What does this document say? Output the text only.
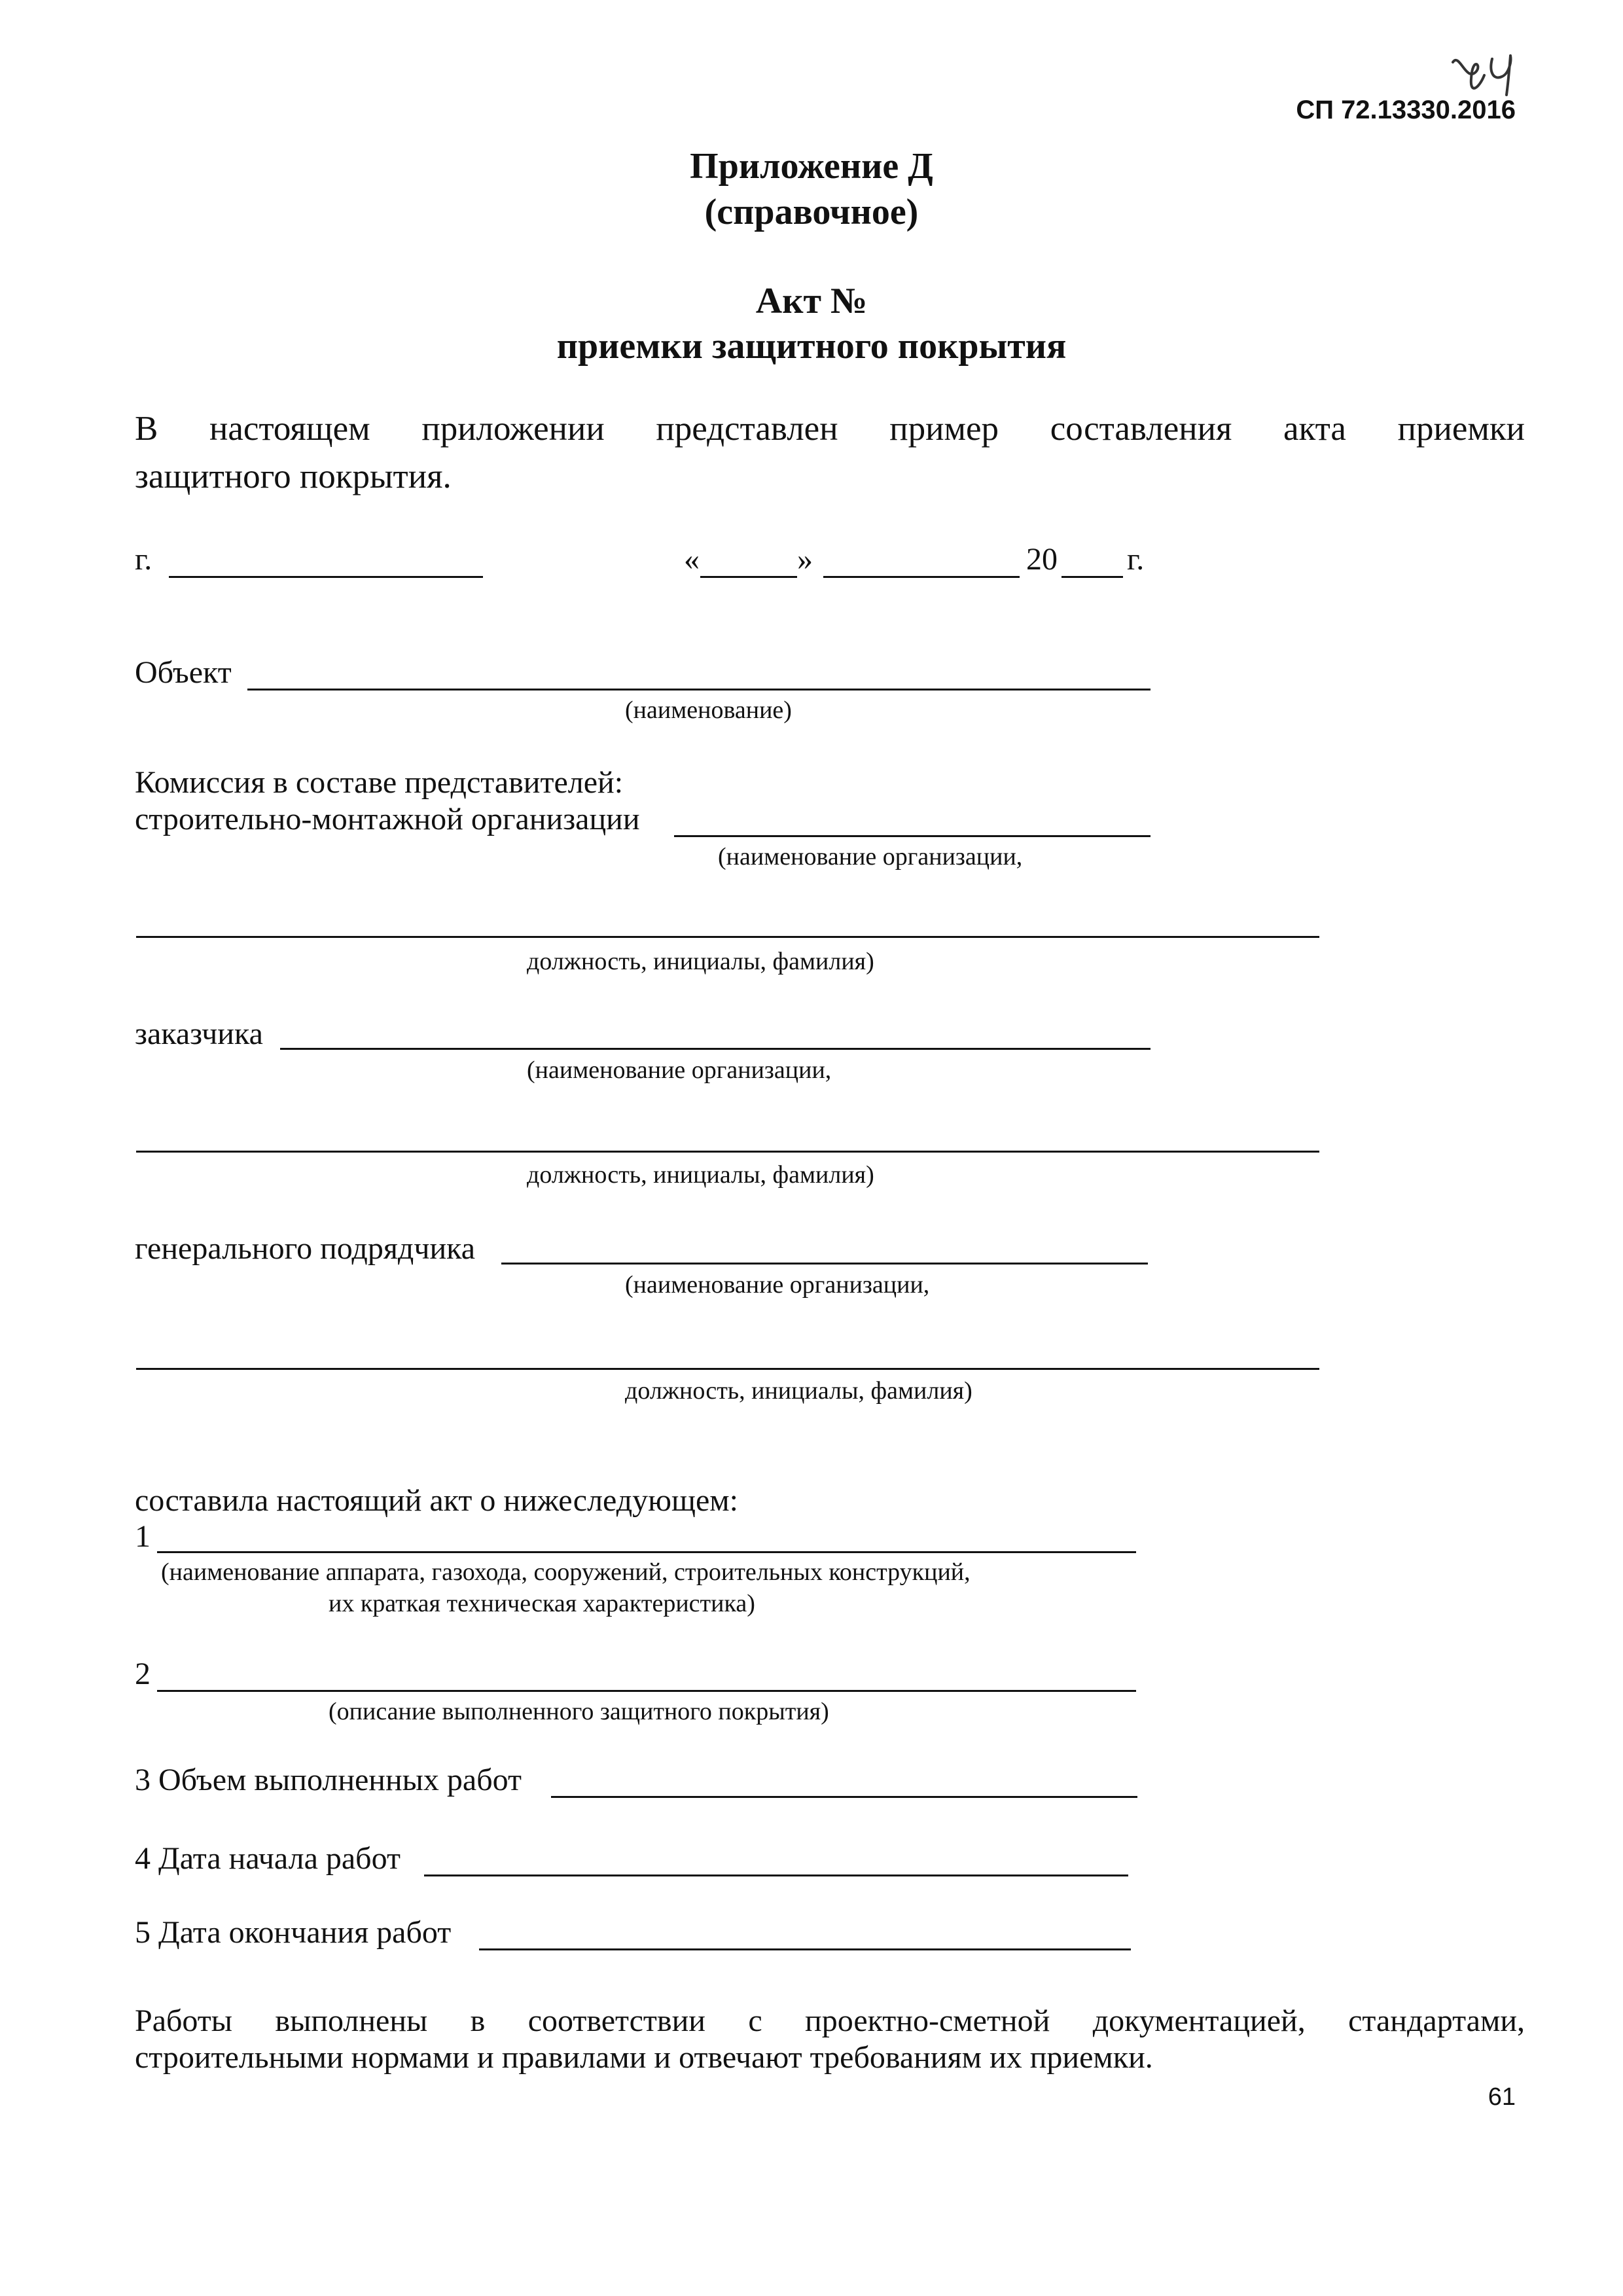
СП 72.13330.2016
Приложение Д
(справочное)
Акт №
приемки защитного покрытия
В настоящем приложении представлен пример составления акта приемки
защитного покрытия.
г.	«	»	20 г.
Объект
(наименование)
Комиссия в составе представителей:
строительно-монтажной организации
(наименование организации,
должность, инициалы, фамилия)
заказчика
(наименование организации,
должность, инициалы, фамилия)
генерального подрядчика
(наименование организации,
должность, инициалы, фамилия)
составила настоящий акт о нижеследующем:
1
(наименование аппарата, газохода, сооружений, строительных конструкций,
их краткая техническая характеристика)
2
(описание выполненного защитного покрытия)
3 Объем выполненных работ
4 Дата начала работ
5 Дата окончания работ
Работы выполнены в соответствии с проектно-сметной документацией, стандартами,
строительными нормами и правилами и отвечают требованиям их приемки.
61
